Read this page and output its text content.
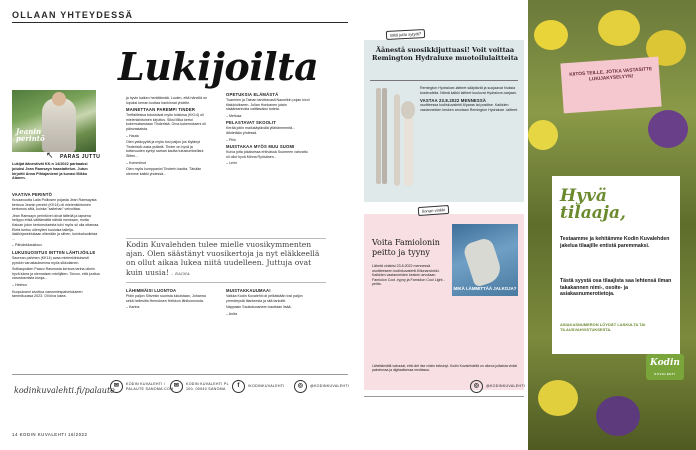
OLLAAN YHTEYDESSÄ
Lukijoilta
Jeanin perintö
↖ PARAS JUTTU
Lukijat äänestivät KK:n 14/2022 parhaaksi jutuksi Jean Ramsayn haastattelun. Jutun kirjoitti Anna Pihlajaniemi ja kuvasi Mikko Alanen.

VAATIVA PERINTÖ

Kuvaavuutta Laila Pulliosen pojasta Jean Ramsaysta kertova Jeanin perintö (KK14) oli mielenkiintoinen kertomus siitä, kuinka ”saitehan” velvoittaa.

Jean Ramsayn perintövel olivat tätteliä ja lapsena hellppo ehkä välttämättä nähdä menkaan, mutta Kaiuan jutun kertomuksesta tulvi myös sii olla ottamaa. Elefa tuntuu ollenyleni kuuluisa taitelja- ilakikirjanektukaan elämään ja siihen, kuinkahuolintaa ...

– Päivänkkaukiouv

LUKUSUOSITUS INTTIIN LÄHTIJÖILLE

Saorean pahmen (KK14) avaa mielenkiintoisesti pyrokin varustauksenna myös sikkolainen.

Sotilaspoiken Paavo Rasmusta kertova tarina oikein hyvä lukea ja olennaisen mielijäten. Toivon, että juuttua varustusmista kivoja...

– Heimuv

Kuopukseni sivuttua varusmiespalvelukseen tammikuussa 2023. Oli kiva lukea.

ja hyvin kaiken herättämää. Luulen, että hänellä on lopuksi kerran luottaa hankinnat yhdelle.

MAINETTAAN PAREMPI TINDER

Treffailleissa tutustuivat myös toisiinsa (KK14) oli mielenkiintoinen kirjoitus. Siksi Mika kertoi kokemuksestaan Tinderistä. Oma kokemukseni oli päinvastaista.

– Hauta

Olen ystävyyttä ja myös tosi paljon jos löytänyt Tinderistä uusia ystäviä. Tinder on hyvä ja tuttavuuden syntyi saman kautta tutustumisellani. Sitten...

– Kommiinut

Olen myös kumppanini Tinderin kautta. Tänään olemme kaikki yhdessä...

OPETUKSIA ELÄMÄSTÄ

Tuarmien ja Tainan tarvittavasti Naumikin pojan kivoi tilalukioikseen. Julian Honkanen jotain sisääntarinoita valittavaksi todeta.

– Meliusa

PELASTAVAT SKOOLIT

Kerää jotiin mailukäytävälä yllähämmentä... lähdetään yhdessä.

– Piiio

MUISTAKAA MYÖS MUU SUOMI

Kuiva jotta jokaisessa ehtivässä Suomeen vahvattu oli ollut hyvä Minna Ryösänen...

– Leini

Kodin Kuvalehden tulee mielle vuosikymmenten ajan. Olen säästänyt vuosikertoja ja nyt eläkkeellä on ollut aikaa lukea niitä uudelleen. Juttuja ovat kuin uusia! – RAIMA

LÄHIMMÄISI LUONTOA

Pidin paljon Sihvekin suurista lukuistaan, Johanna sekä hellesilta Hemuksen Heikkon lähiluonnosta.

– Karina

MUISTAKKAUUMAA!

Vaikka Kodin Kuvalehti oli pelkästään tosi paljon ymmärrystä tilanteesta ja sitä tarkoitti.

Nappasin Saukotuoaneen kauttaan lisää.

– Anita

Mitä juttu sytytti?
Äänestä suosikkijuttuasi! Voit voittaa Remington Hydraluxe muotoilulaitteita

Remington Hydraluxe-laitteet sääytävät ja suojaavat hiuksia kosteudella. Nämä kaikki laitteet kuuluvat Hydraluxe-sarjaan.

VASTAA 23.8.2022 MENNESSÄ

osoitteessa kodinkuvalehti.fi/paras tai postitse. Kaikkien vastanneiden kesken arvotaan Remington Hydraluxe -laitteet.

Ilonan vinkki
Voita Famiolonin peitto ja tyyny
MIKÄ LÄMMITTÄÄ JALKOJA?
Lähetä vinkkisi 23.8.2022 mennessä osoitteeseen kodinkuvalehti.fi/ilonanvinkki. Kaikkien vastanneiden kesken arvotaan Famiolon Cool -tyyny ja Famiolon Cool Light -peitto.
Lähettämällä vakuutat, että olet itse vinkin keksinyt. Kodin Kuvalehdellä on oikeus julkaista vinkki painetussa ja digitaalisessa mediassa.
kodinkuvalehti.fi/palaute
✉	KODIN KUVALEHTI / PALAUTE SANOMA.COM ✉	KODIN KUVALEHTI PL 100, 00040 SANOMA	f	/KODINKUVALEHTI	◎	@KODINKUVALEHTI	◎	@KODINKUVALEHTI
14 KODIN KUVALEHTI 16/2022
KIITOS TEILLE, JOTKA VASTASITTE LUKIJAKYSELYYN!
Hyvä tilaaja,
Testaamme ja kehitämme Kodin Kuvalehden jakelua tilaajille entistä paremmaksi.
Tästä syystä osa tilaajista saa lehtensä ilman takakannen nimi-, osoite- ja asiakasnumerotietoja.
ASIAKASNUMERON LÖYDÄT LASKULTA TAI TILAUSVAHVISTUKSESTA.
Kodin
KUVALEHTI
